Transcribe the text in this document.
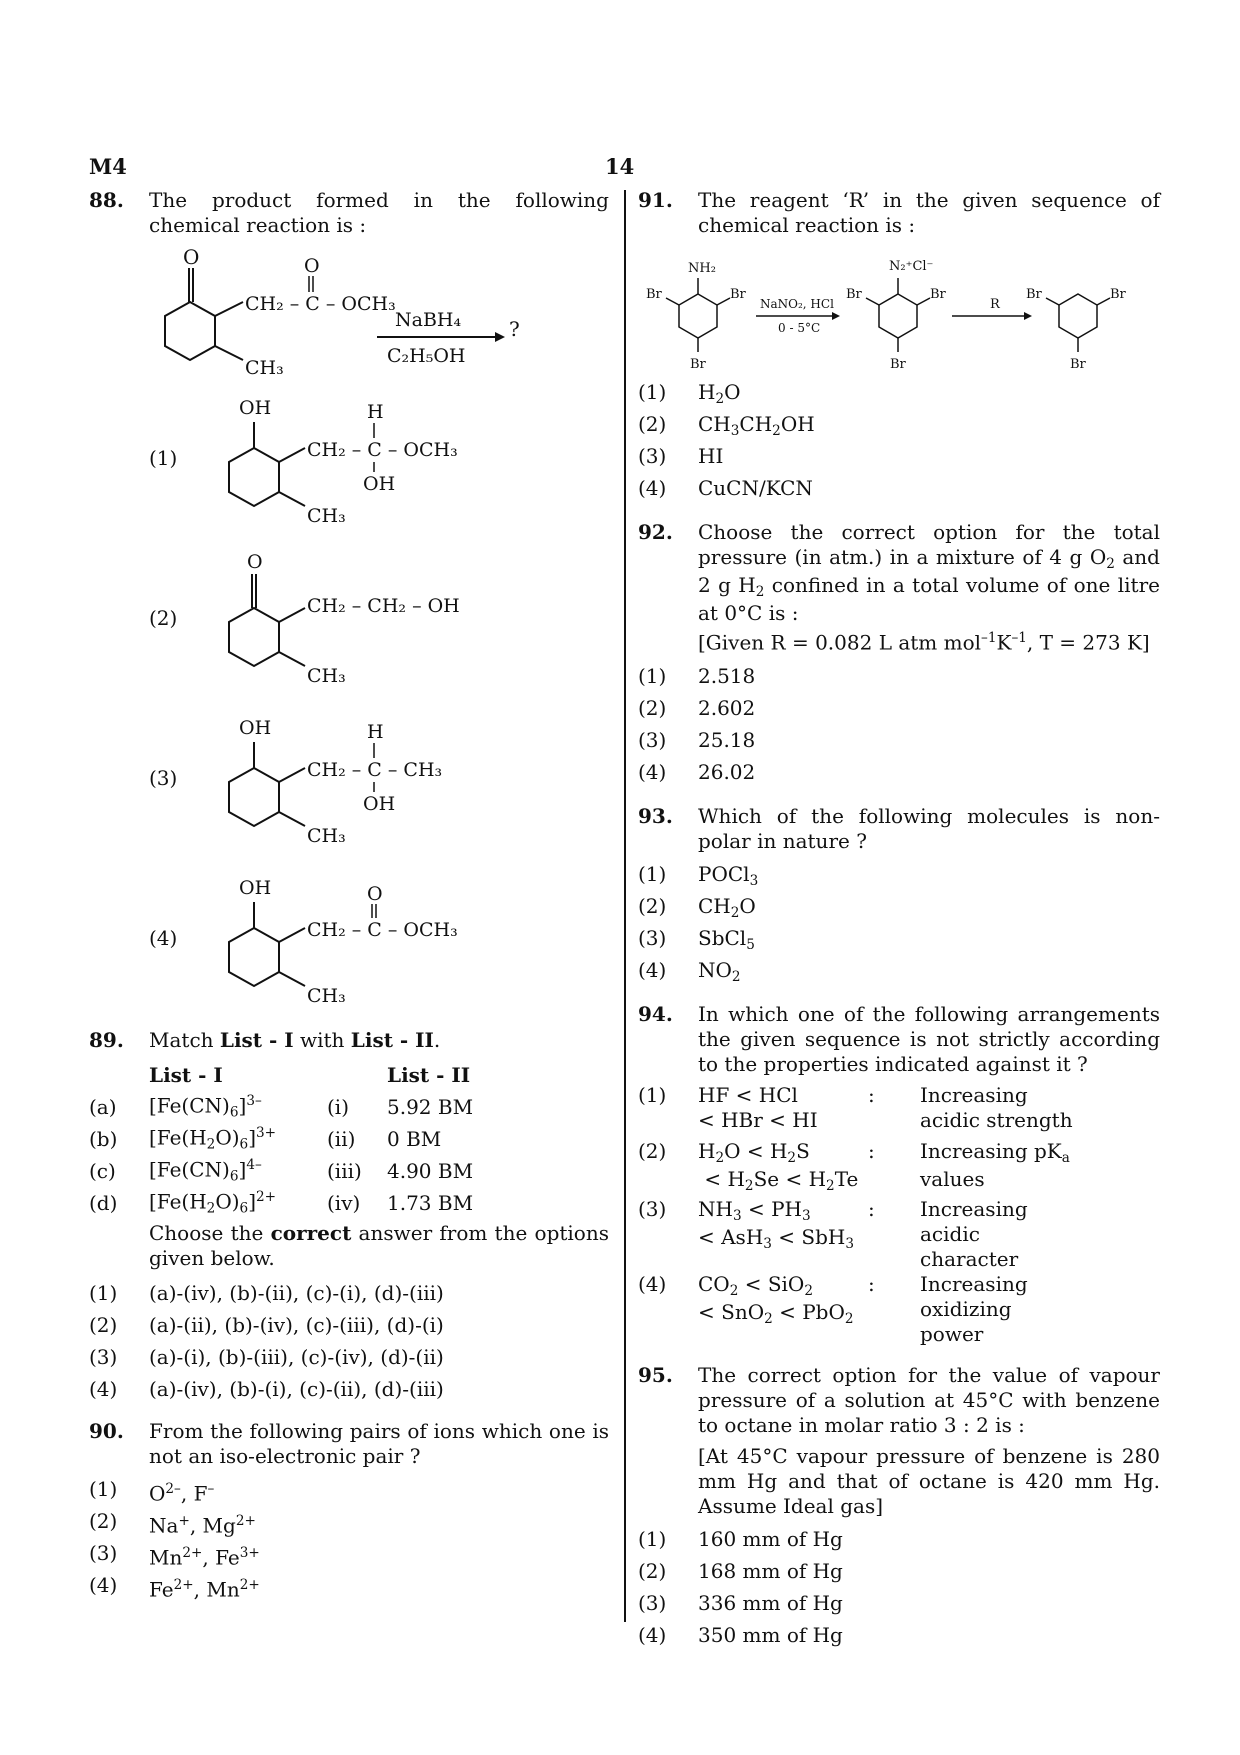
M4	14
88. The product formed in the following chemical reaction is :
O
CH₂ – C – OCH₃
O
CH₃
NaBH₄
C₂H₅OH
?
(1)
OH
CH₂ – C – OCH₃
H
OH
CH₃
(2)
O
CH₂ – CH₂ – OH
CH₃
(3)
OH
CH₂ – C – CH₃
H
OH
CH₃
(4)
OH
CH₂ – C – OCH₃
O
CH₃
89. Match List - I with List - II.
	List - I		List - II
(a)	$[Fe(CN)_6]^{3-}$	(i)	5.92 BM
(b)	$[Fe(H_2O)_6]^{3+}$	(ii)	0 BM
(c)	$[Fe(CN)_6]^{4-}$	(iii)	4.90 BM
(d)	$[Fe(H_2O)_6]^{2+}$	(iv)	1.73 BM
Choose the correct answer from the options given below.
(1) (a)-(iv), (b)-(ii), (c)-(i), (d)-(iii)
(2) (a)-(ii), (b)-(iv), (c)-(iii), (d)-(i)
(3) (a)-(i), (b)-(iii), (c)-(iv), (d)-(ii)
(4) (a)-(iv), (b)-(i), (c)-(ii), (d)-(iii)
90. From the following pairs of ions which one is not an iso-electronic pair ?
(1) $O^{2-}$, F–
(2) Na+, $Mg^{2+}$
(3) $Mn^{2+}$, $Fe^{3+}$
(4) $Fe^{2+}$, $Mn^{2+}$
91. The reagent ‘R’ in the given sequence of chemical reaction is :
NH₂
Br	Br
Br
NaNO₂, HCl
0 - 5°C
N₂⁺Cl⁻
Br	Br
Br
R
Br	Br
Br
(1) $H_2O$
(2) $CH_3CH_2OH$
(3) HI
(4) CuCN/KCN
92. Choose the correct option for the total pressure (in atm.) in a mixture of 4 g $O_2$ and 2 g $H_2$ confined in a total volume of one litre at 0°C is :
[Given R = 0.082 L atm $mol^{-1}K^{-1}$, T = 273 K]
(1) 2.518
(2) 2.602
(3) 25.18
(4) 26.02
93. Which of the following molecules is non-polar in nature ?
(1) POCl$_3$
(2) $CH_2O$
(3) SbCl$_5$
(4) $NO_2$
94. In which one of the following arrangements the given sequence is not strictly according to the properties indicated against it ?
(1)	HF < HCl
< HBr < HI	:	Increasing acidic strength
(2)	$H_2O < H_2S$
< $H_2Se < H_2Te$	:	Increasing $pK_a$ values
(3)	$NH_3 < PH_3$
< AsH$_3$ < SbH$_3$	:	Increasing acidic character
(4)	$CO_2 < SiO_2$
< SnO$_2$ < PbO$_2$	:	Increasing oxidizing power
95. The correct option for the value of vapour pressure of a solution at 45°C with benzene to octane in molar ratio 3 : 2 is :
[At 45°C vapour pressure of benzene is 280 mm Hg and that of octane is 420 mm Hg. Assume Ideal gas]
(1) 160 mm of Hg
(2) 168 mm of Hg
(3) 336 mm of Hg
(4) 350 mm of Hg
